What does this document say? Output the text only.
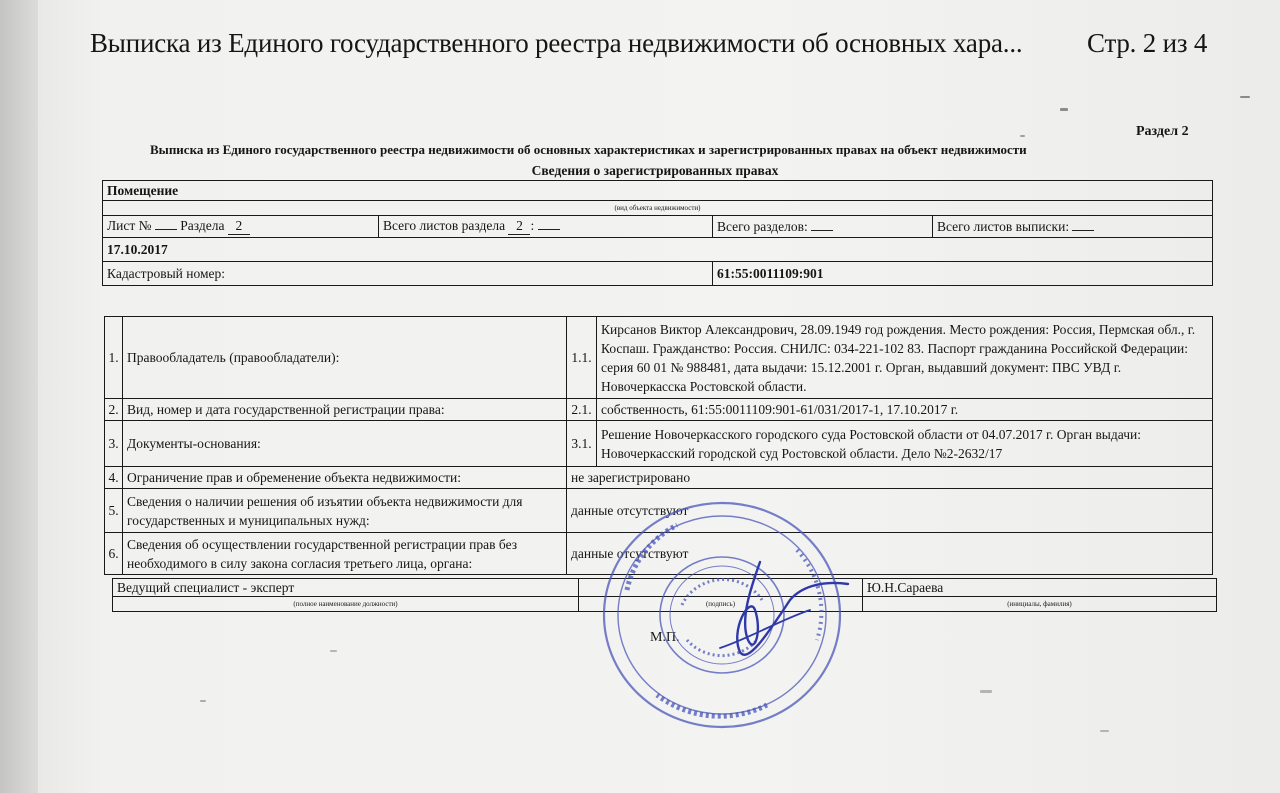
Выписка из Единого государственного реестра недвижимости об основных хара... Стр. 2 из 4
Раздел 2
Выписка из Единого государственного реестра недвижимости об основных характеристиках и зарегистрированных правах на объект недвижимости
Сведения о зарегистрированных правах
Помещение			
(вид объекта недвижимости)			
Лист № Раздела 2	Всего листов раздела 2 :	Всего разделов:	Всего листов выписки:
17.10.2017			
Кадастровый номер:		61:55:0011109:901	
1.	Правообладатель (правообладатели):	1.1.	Кирсанов Виктор Александрович, 28.09.1949 год рождения. Место рождения: Россия, Пермская обл., г. Коспаш. Гражданство: Россия. СНИЛС: 034-221-102 83. Паспорт гражданина Российской Федерации: серия 60 01 № 988481, дата выдачи: 15.12.2001 г. Орган, выдавший документ: ПВС УВД г. Новочеркасска Ростовской области.
2.	Вид, номер и дата государственной регистрации права:	2.1.	собственность, 61:55:0011109:901-61/031/2017-1, 17.10.2017 г.
3.	Документы-основания:	3.1.	Решение Новочеркасского городского суда Ростовской области от 04.07.2017 г. Орган выдачи: Новочеркасский городской суд Ростовской области. Дело №2-2632/17
4.	Ограничение прав и обременение объекта недвижимости:	не зарегистрировано	
5.	Сведения о наличии решения об изъятии объекта недвижимости для государственных и муниципальных нужд:	данные отсутствуют	
6.	Сведения об осуществлении государственной регистрации прав без необходимого в силу закона согласия третьего лица, органа:	данные отсутствуют	
Ведущий специалист - эксперт		Ю.Н.Сараева
(полное наименование должности)	(подпись)	(инициалы, фамилия)
М.П.
